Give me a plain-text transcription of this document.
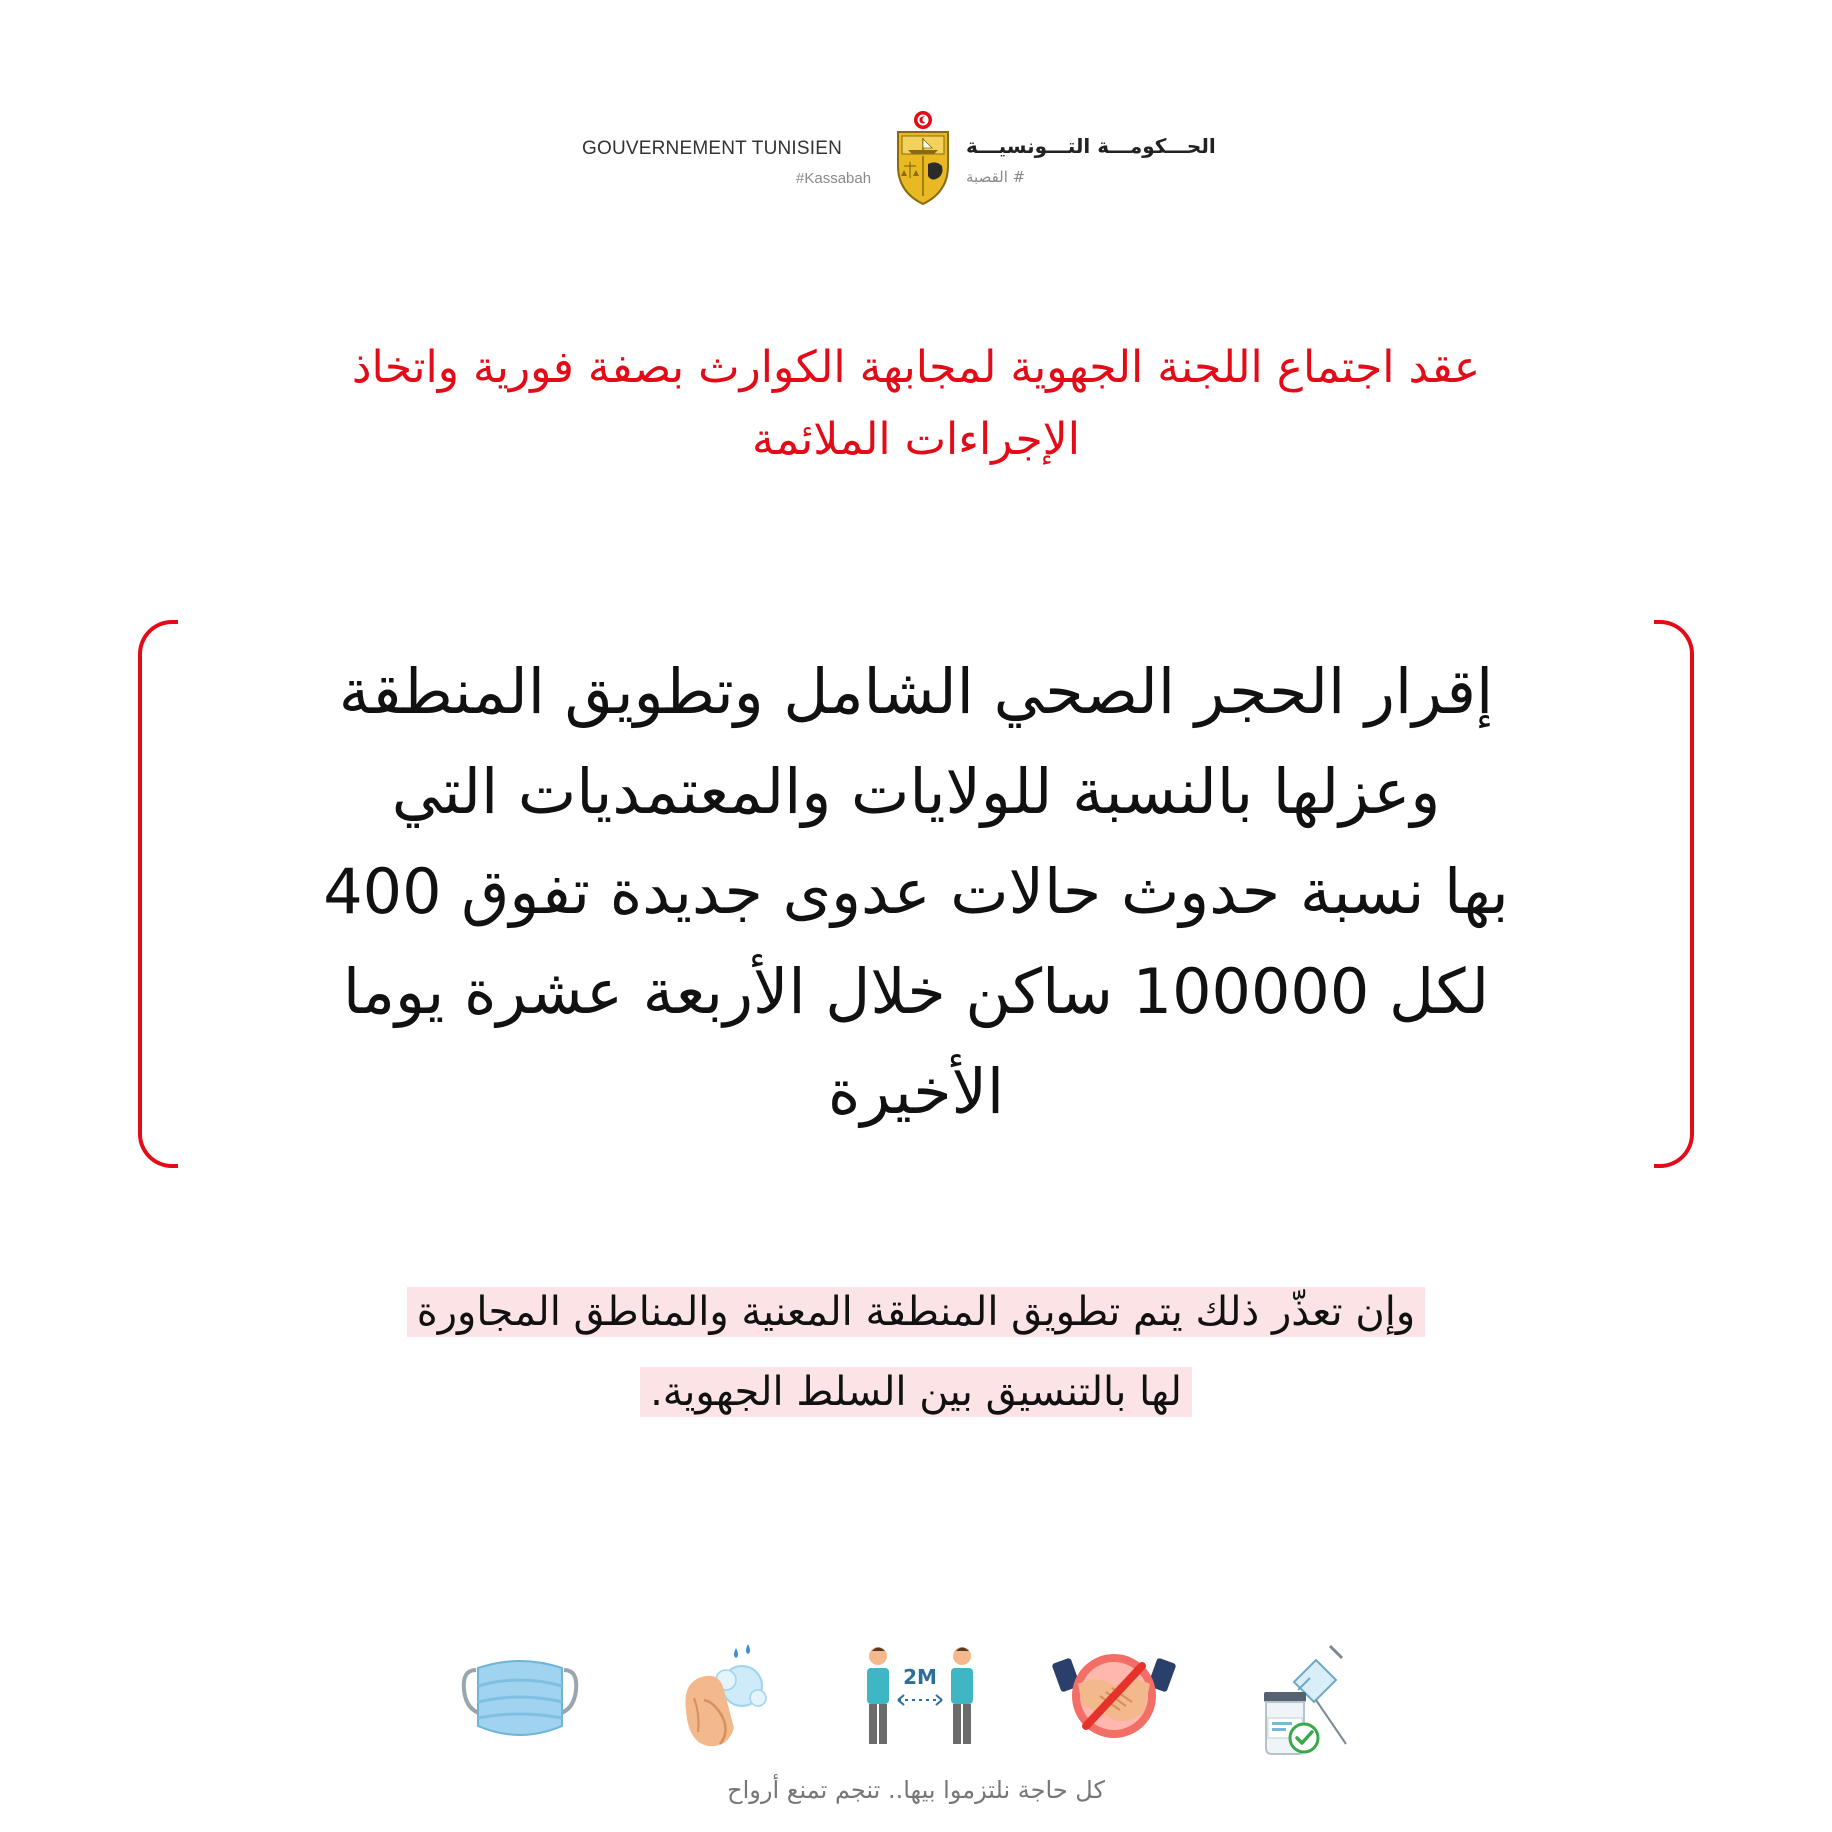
GOUVERNEMENT TUNISIEN
#Kassabah
الحـــكومـــة التـــونسيـــة
# القصبة
عقد اجتماع اللجنة الجهوية لمجابهة الكوارث بصفة فورية واتخاذ
الإجراءات الملائمة
إقرار الحجر الصحي الشامل وتطويق المنطقة
وعزلها بالنسبة للولايات والمعتمديات التي
بها نسبة حدوث حالات عدوى جديدة تفوق 400
لكل 100000 ساكن خلال الأربعة عشرة يوما
الأخيرة
وإن تعذّر ذلك يتم تطويق المنطقة المعنية والمناطق المجاورة
لها بالتنسيق بين السلط الجهوية.
2M
كل حاجة نلتزموا بيها.. تنجم تمنع أرواح
